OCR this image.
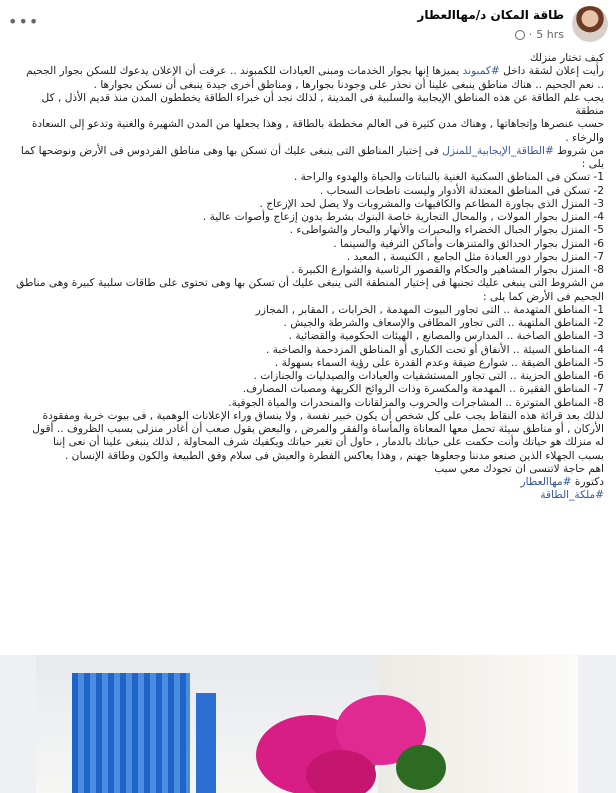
طاقة المكان د/مهاالعطار
· 5 hrs
•••

كيف تختار منزلك

رأيت إعلان لشقة داخل #كمبوند يميزها إنها بجوار الخدمات ومبنى العيادات للكمبوند .. عرفت أن الإعلان يدعوك للسكن بجوار الجحيم

.. نعم الجحيم .. هناك مناطق ينبغى علينا أن نحذر على وجودنا بجوارها , ومناطق أخرى جيدة ينبغى أن نسكن بجوارها .

يجب علم الطاقة عن هذه المناطق الإيجابية والسلبية فى المدينة , لذلك نجد أن خبراء الطاقة يخططون المدن منذ قديم الأذل , كل منطقة

حسب عنصرها وإتجاهاتها , وهناك مدن كثيرة فى العالم مخططة بالطاقة , وهذا يجعلها من المدن الشهيرة والغنية وتدعو إلى السعادة

والرخاء .

من شروط #الطاقة_الإيجابية_للمنزل فى إختيار المناطق التى ينبغى عليك أن تسكن بها وهى مناطق الفردوس فى الأرض ونوضحها كما

يلى :

1- تسكن فى المناطق السكنية الغنية بالنباتات والحياة والهدوء والراحة .

2- تسكن فى المناطق المعتدلة الأدوار وليست ناطحات السحاب .

3- المنزل الذى بجاورة المطاعم والكافيهات والمشروبات ولا يصل لحد الإزعاج .

4- المنزل بجوار المولات , والمحال التجارية خاصة البنوك بشرط بدون إزعاج وأصوات عالية .

5- المنزل بجوار الجبال الخضراء والبحيرات والأنهار والبحار والشواطىء .

6- المنزل بجوار الحدائق والمتنزهات وأماكن الترفية والسينما .

7- المنزل بجوار دور العبادة مثل الجامع , الكنيسة , المعبد .

8- المنزل بجوار المشاهير والحكام والقصور الرئاسية والشوارع الكبيرة .

من الشروط التى ينبغى عليك تجنبها فى إختيار المنطقة التى ينبغى عليك أن تسكن بها وهى تحتوى على طاقات سلبية كبيرة وهى مناطق

الجحيم فى الأرض كما يلى :

1- المناطق المتهدمة .. التى تجاور البيوت المهدمة , الخرابات , المقابر , المجازر

2- المناطق الملتهبة .. التى تجاور المطافى والإسعاف والشرطة والجيش .

3- المناطق الصاخبة .. المدارس والمصانع , الهيئات الحكومية والقضائية .

4- المناطق السيئة .. الأنفاق أو تحت الكبارى أو المناطق المزدحمة والصاخبة .

5- المناطق الضيقة .. شوارع ضيقة وعدم القدرة على رؤية السماء بسهولة .

6- المناطق الحزينة .. التى تجاور المستشفيات والعيادات والصيدليات والجنازات .

7- المناطق الفقيرة .. المهدمة والمكسرة وذات الروائح الكريهة ومصبات المصارف.

8- المناطق المتوترة .. المشاجرات والحروب والمزلقانات والمنحدرات والمياة الجوفية.

لذلك بعد قرائة هذه النقاط يجب على كل شخص أن يكون خبير نفسة , ولا ينساق وراء الإعلانات الوهمية , فى بيوت خربة ومفقودة

الأركان , أو مناطق سيئة تحمل معها المعاناة والمأساة والفقر والمرض , والبعض يقول صعب أن أغادر منزلى بسبب الظروف .. أقول

له منزلك هو حياتك وأنت حكمت على حياتك بالدمار , حاول أن تغير حياتك ويكفيك شرف المحاولة , لذلك ينبغى علينا أن نعى إننا

بسبب الجهلاء الذين صنعو مدننا وجعلوها جهنم , وهذا يعاكس الفطرة والعيش فى سلام وفق الطبيعة والكون وطاقة الإنسان .

اهم حاجة لاتنسى ان تجودك معي سبب

دكتورة #مهاالعطار

#ملكة_الطاقة
